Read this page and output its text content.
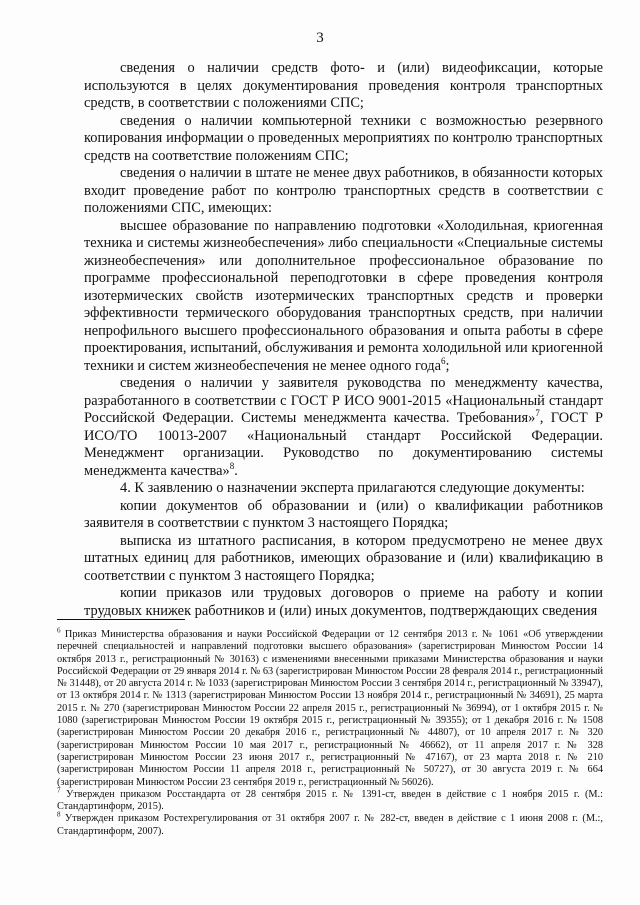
3

сведения о наличии средств фото- и (или) видеофиксации, которые используются в целях документирования проведения контроля транспортных средств, в соответствии с положениями СПС;

сведения о наличии компьютерной техники с возможностью резервного копирования информации о проведенных мероприятиях по контролю транспортных средств на соответствие положениям СПС;

сведения о наличии в штате не менее двух работников, в обязанности которых входит проведение работ по контролю транспортных средств в соответствии с положениями СПС, имеющих:

высшее образование по направлению подготовки «Холодильная, криогенная техника и системы жизнеобеспечения» либо специальности «Специальные системы жизнеобеспечения» или дополнительное профессиональное образование по программе профессиональной переподготовки в сфере проведения контроля изотермических свойств изотермических транспортных средств и проверки эффективности термического оборудования транспортных средств, при наличии непрофильного высшего профессионального образования и опыта работы в сфере проектирования, испытаний, обслуживания и ремонта холодильной или криогенной техники и систем жизнеобеспечения не менее одного года$^6$;

сведения о наличии у заявителя руководства по менеджменту качества, разработанного в соответствии с ГОСТ Р ИСО 9001-2015 «Национальный стандарт Российской Федерации. Системы менеджмента качества. Требования»$^7$, ГОСТ Р ИСО/ТО 10013-2007 «Национальный стандарт Российской Федерации. Менеджмент организации. Руководство по документированию системы менеджмента качества»$^8$.

4. К заявлению о назначении эксперта прилагаются следующие документы:

копии документов об образовании и (или) о квалификации работников заявителя в соответствии с пунктом 3 настоящего Порядка;

выписка из штатного расписания, в котором предусмотрено не менее двух штатных единиц для работников, имеющих образование и (или) квалификацию в соответствии с пунктом 3 настоящего Порядка;

копии приказов или трудовых договоров о приеме на работу и копии трудовых книжек работников и (или) иных документов, подтверждающих сведения

$^6$ Приказ Министерства образования и науки Российской Федерации от 12 сентября 2013 г. № 1061 «Об утверждении перечней специальностей и направлений подготовки высшего образования» (зарегистрирован Минюстом России 14 октября 2013 г., регистрационный № 30163) с изменениями внесенными приказами Министерства образования и науки Российской Федерации от 29 января 2014 г. № 63 (зарегистрирован Минюстом России 28 февраля 2014 г., регистрационный № 31448), от 20 августа 2014 г. № 1033 (зарегистрирован Минюстом России 3 сентября 2014 г., регистрационный № 33947), от 13 октября 2014 г. № 1313 (зарегистрирован Минюстом России 13 ноября 2014 г., регистрационный № 34691), 25 марта 2015 г. № 270 (зарегистрирован Минюстом России 22 апреля 2015 г., регистрационный № 36994), от 1 октября 2015 г. № 1080 (зарегистрирован Минюстом России 19 октября 2015 г., регистрационный № 39355); от 1 декабря 2016 г. № 1508 (зарегистрирован Минюстом России 20 декабря 2016 г., регистрационный № 44807), от 10 апреля 2017 г. № 320 (зарегистрирован Минюстом России 10 мая 2017 г., регистрационный № 46662), от 11 апреля 2017 г. № 328 (зарегистрирован Минюстом России 23 июня 2017 г., регистрационный № 47167), от 23 марта 2018 г. № 210 (зарегистрирован Минюстом России 11 апреля 2018 г., регистрационный № 50727), от 30 августа 2019 г. № 664 (зарегистрирован Минюстом России 23 сентября 2019 г., регистрационный № 56026).

$^7$ Утвержден приказом Росстандарта от 28 сентября 2015 г. № 1391-ст, введен в действие с 1 ноября 2015 г. (М.: Стандартинформ, 2015).

$^8$ Утвержден приказом Ростехрегулирования от 31 октября 2007 г. № 282-ст, введен в действие с 1 июня 2008 г. (М.:, Стандартинформ, 2007).
